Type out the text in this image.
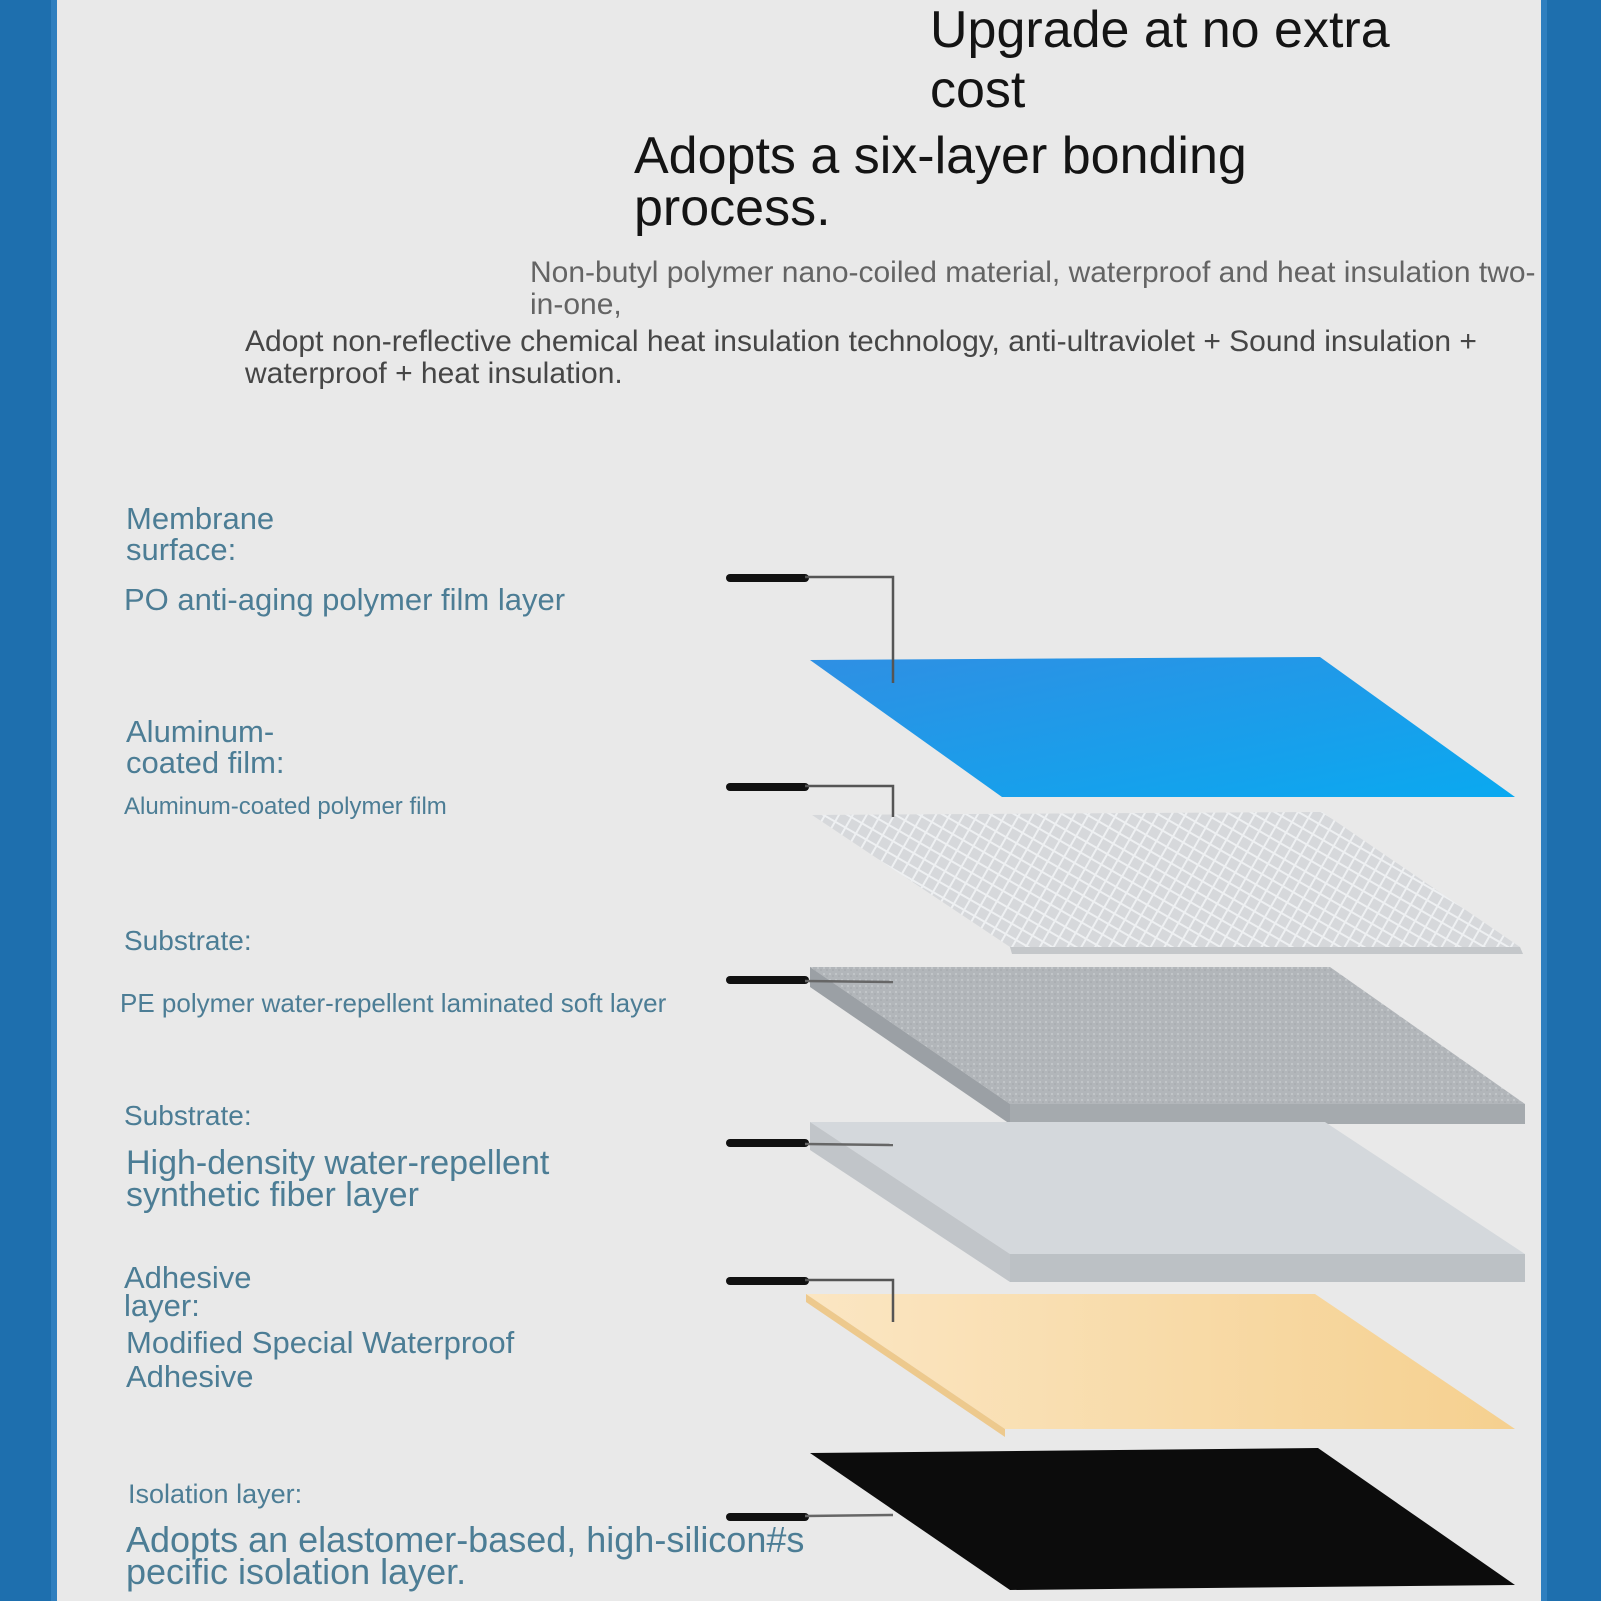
Upgrade at no extra cost

Adopts a six-layer bonding process.

Non-butyl polymer nano-coiled material, waterproof and heat insulation two-in-one,

Adopt non-reflective chemical heat insulation technology, anti-ultraviolet + Sound insulation + waterproof + heat insulation.

Membrane surface:

PO anti-aging polymer film layer

Aluminum-coated film:

Aluminum-coated polymer film

Substrate:

PE polymer water-repellent laminated soft layer

Substrate:

High-density water-repellent synthetic fiber layer

Adhesive layer:

Modified Special Waterproof Adhesive

Isolation layer:

Adopts an elastomer-based, high-silicon#specific isolation layer.
